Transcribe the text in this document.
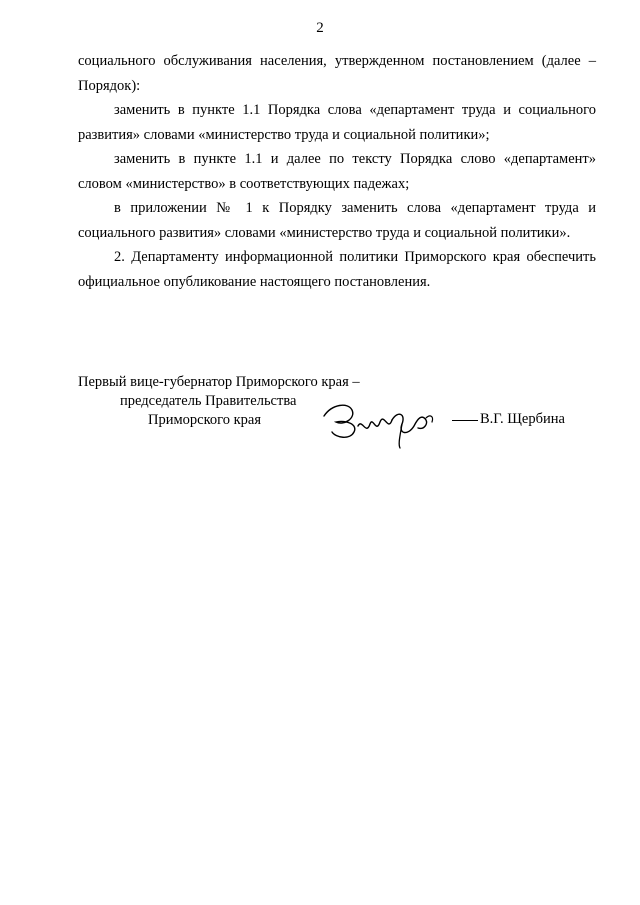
2

социального обслуживания населения, утвержденном постановлением (далее – Порядок):

заменить в пункте 1.1 Порядка слова «департамент труда и социального развития» словами «министерство труда и социальной политики»;

заменить в пункте 1.1 и далее по тексту Порядка слово «департамент» словом «министерство» в соответствующих падежах;

в приложении № 1 к Порядку заменить слова «департамент труда и социального развития» словами «министерство труда и социальной политики».

2. Департаменту информационной политики Приморского края обеспечить официальное опубликование настоящего постановления.

Первый вице-губернатор Приморского края –
председатель Правительства
Приморского края	В.Г. Щербина
